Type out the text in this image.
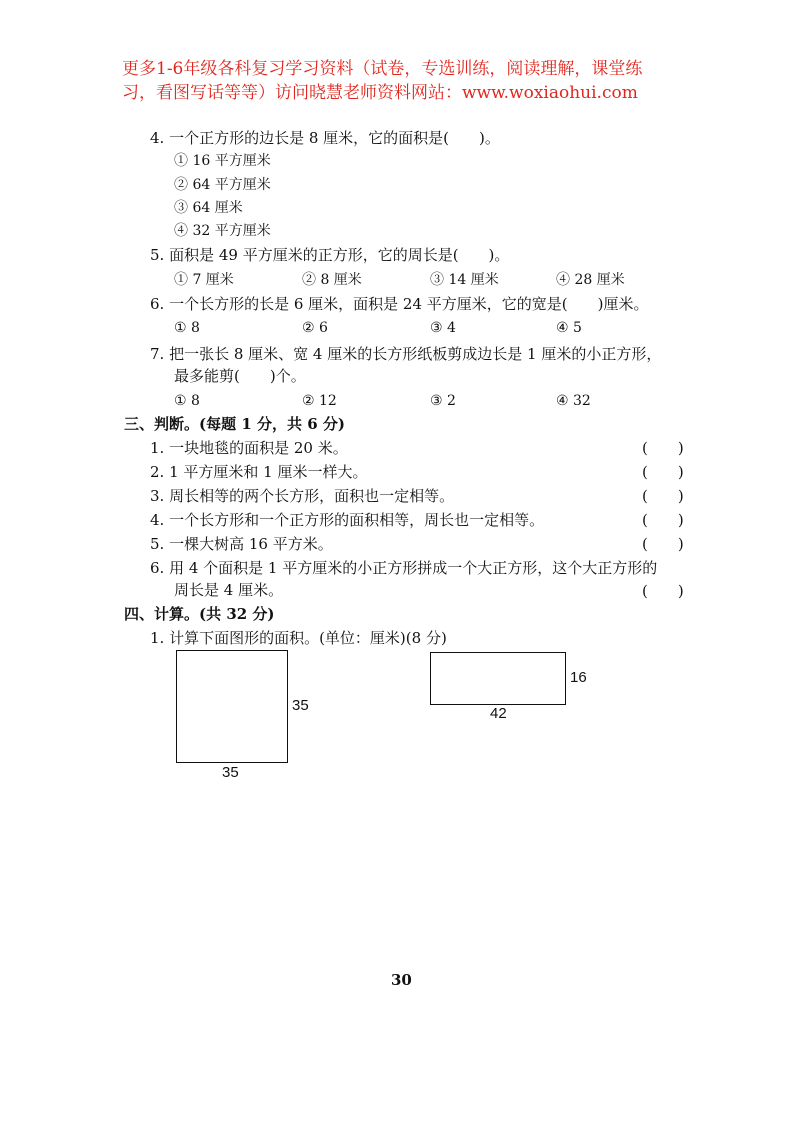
更多1-6年级各科复习学习资料（试卷，专选训练，阅读理解，课堂练
习，看图写话等等）访问晓慧老师资料网站：www.woxiaohui.com
4. 一个正方形的边长是 8 厘米，它的面积是(　　)。
① 16 平方厘米
② 64 平方厘米
③ 64 厘米
④ 32 平方厘米
5. 面积是 49 平方厘米的正方形，它的周长是(　　)。
① 7 厘米	② 8 厘米	③ 14 厘米	④ 28 厘米
6. 一个长方形的长是 6 厘米，面积是 24 平方厘米，它的宽是(　　)厘米。
① 8	② 6	③ 4	④ 5
7. 把一张长 8 厘米、宽 4 厘米的长方形纸板剪成边长是 1 厘米的小正方形，
最多能剪(　　)个。
① 8	② 12	③ 2	④ 32
三、判断。(每题 1 分，共 6 分)
1. 一块地毯的面积是 20 米。	(　　)
2. 1 平方厘米和 1 厘米一样大。	(　　)
3. 周长相等的两个长方形，面积也一定相等。	(　　)
4. 一个长方形和一个正方形的面积相等，周长也一定相等。	(　　)
5. 一棵大树高 16 平方米。	(　　)
6. 用 4 个面积是 1 平方厘米的小正方形拼成一个大正方形，这个大正方形的
周长是 4 厘米。	(　　)
四、计算。(共 32 分)
1. 计算下面图形的面积。(单位：厘米)(8 分)
35
35
16
42
30
